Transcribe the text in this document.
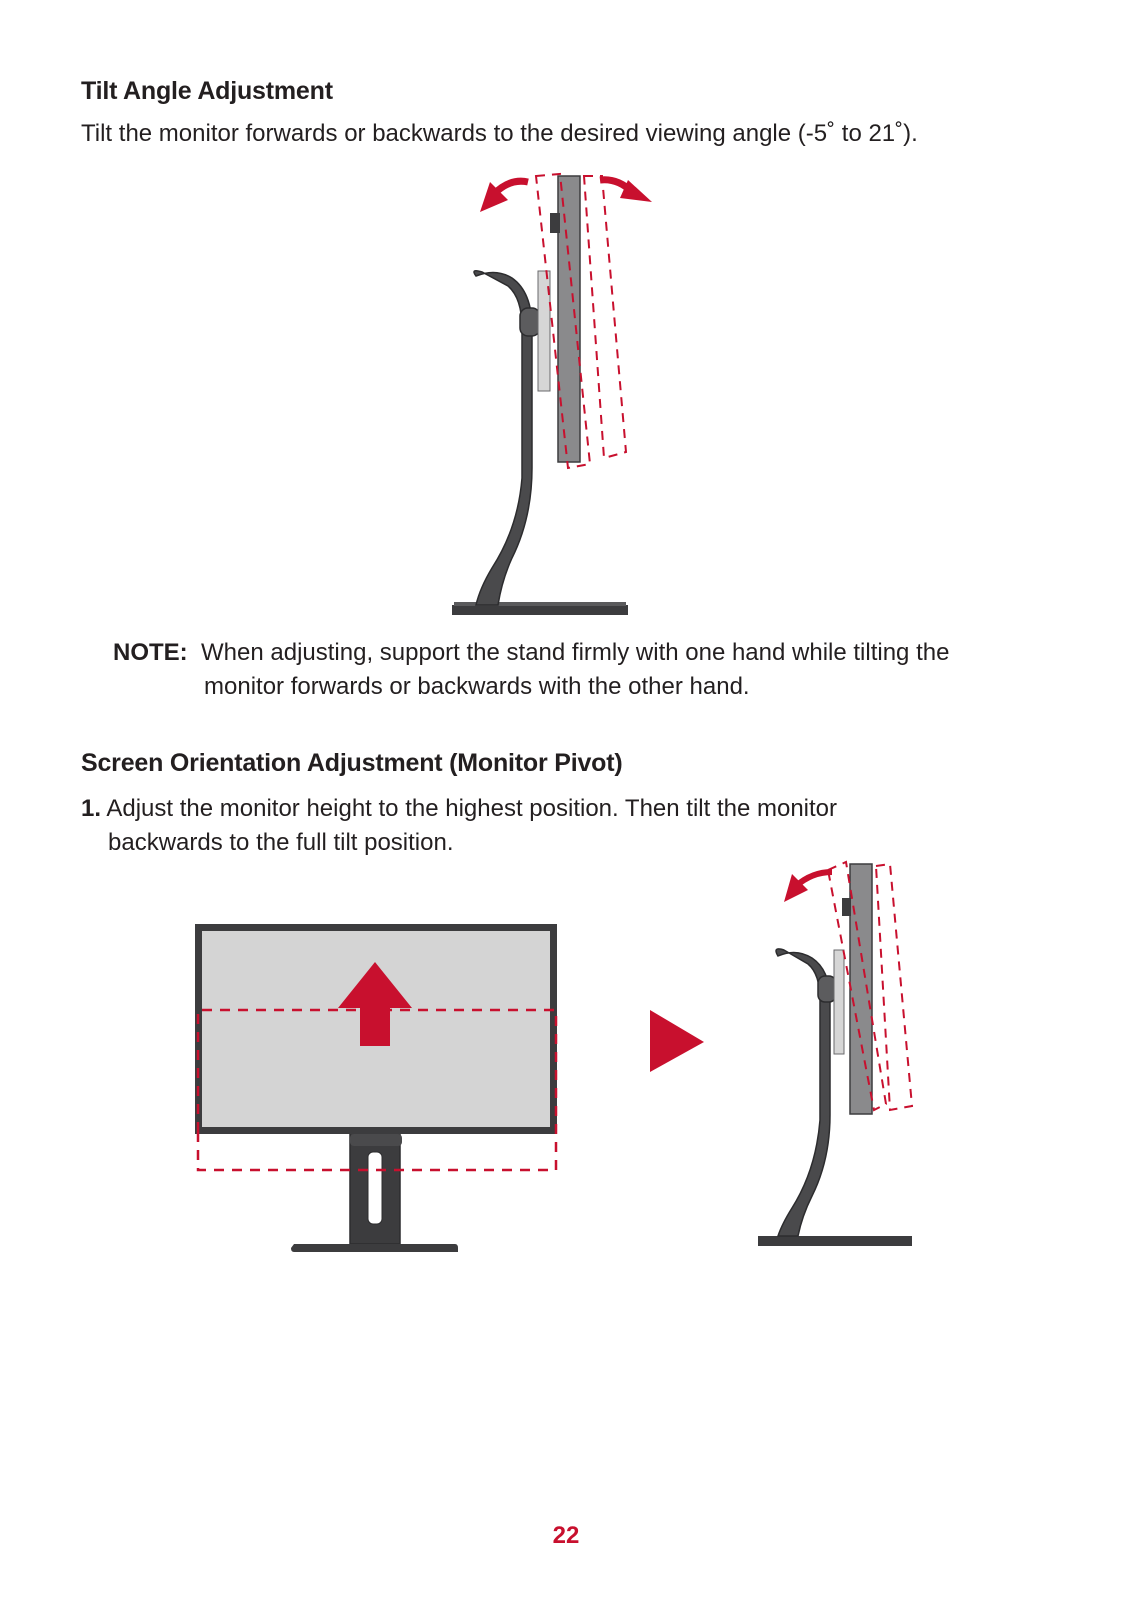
Tilt Angle Adjustment

Tilt the monitor forwards or backwards to the desired viewing angle (-5˚ to 21˚).

NOTE: When adjusting, support the stand firmly with one hand while tilting the
monitor forwards or backwards with the other hand.

Screen Orientation Adjustment (Monitor Pivot)

1. Adjust the monitor height to the highest position. Then tilt the monitor
backwards to the full tilt position.

22
